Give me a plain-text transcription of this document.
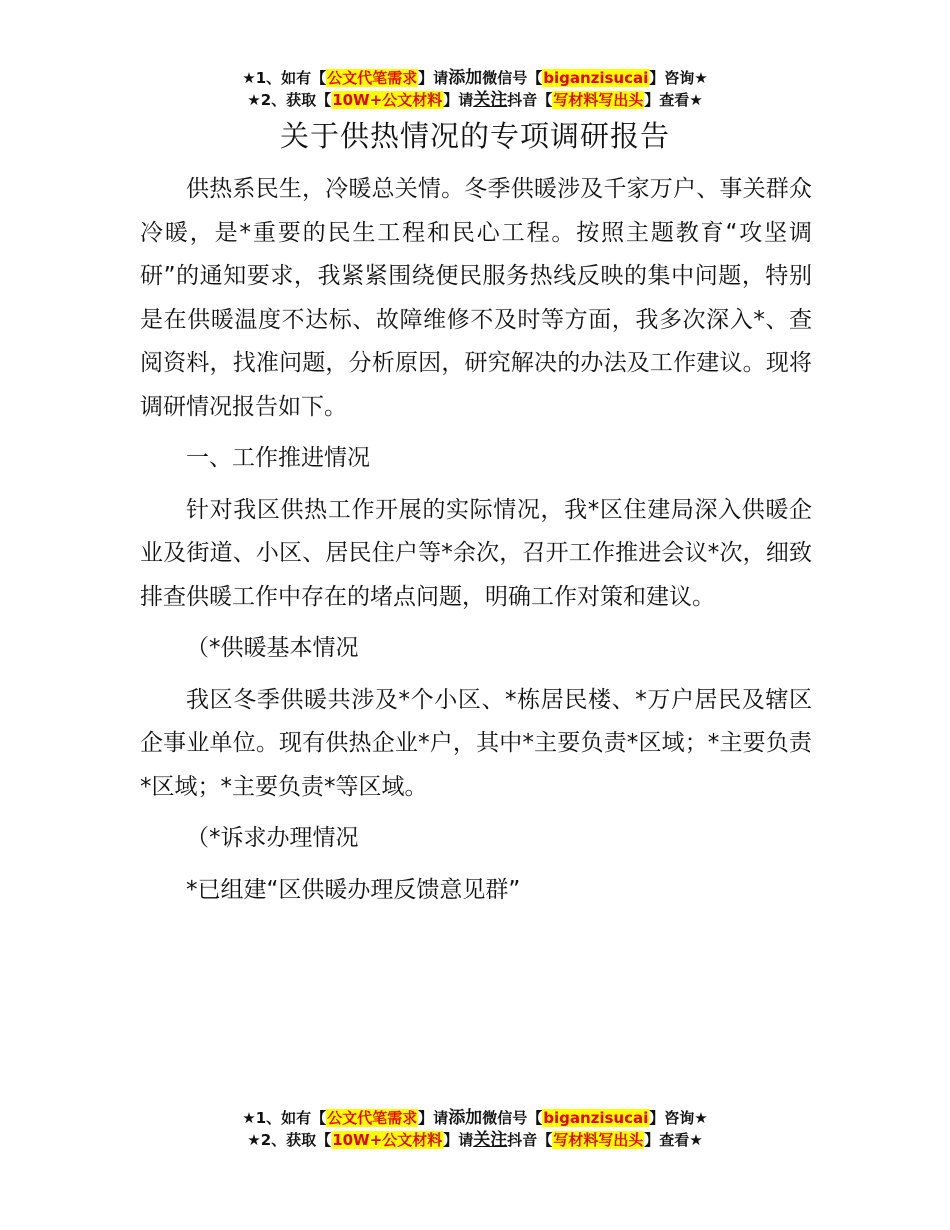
★1、如有【公文代笔需求】请添加微信号【biganzisucai】咨询★
★2、获取【10W+公文材料】请关注抖音【写材料写出头】查看★
关于供热情况的专项调研报告

供热系民生，冷暖总关情。冬季供暖涉及千家万户、事关群众冷暖，是*重要的民生工程和民心工程。按照主题教育“攻坚调研”的通知要求，我紧紧围绕便民服务热线反映的集中问题，特别是在供暖温度不达标、故障维修不及时等方面，我多次深入*、查阅资料，找准问题，分析原因，研究解决的办法及工作建议。现将调研情况报告如下。

一、工作推进情况

针对我区供热工作开展的实际情况，我*区住建局深入供暖企业及街道、小区、居民住户等*余次，召开工作推进会议*次，细致排查供暖工作中存在的堵点问题，明确工作对策和建议。

（*供暖基本情况

我区冬季供暖共涉及*个小区、*栋居民楼、*万户居民及辖区企事业单位。现有供热企业*户，其中*主要负责*区域；*主要负责*区域；*主要负责*等区域。

（*诉求办理情况

*已组建“区供暖办理反馈意见群”

★1、如有【公文代笔需求】请添加微信号【biganzisucai】咨询★
★2、获取【10W+公文材料】请关注抖音【写材料写出头】查看★
